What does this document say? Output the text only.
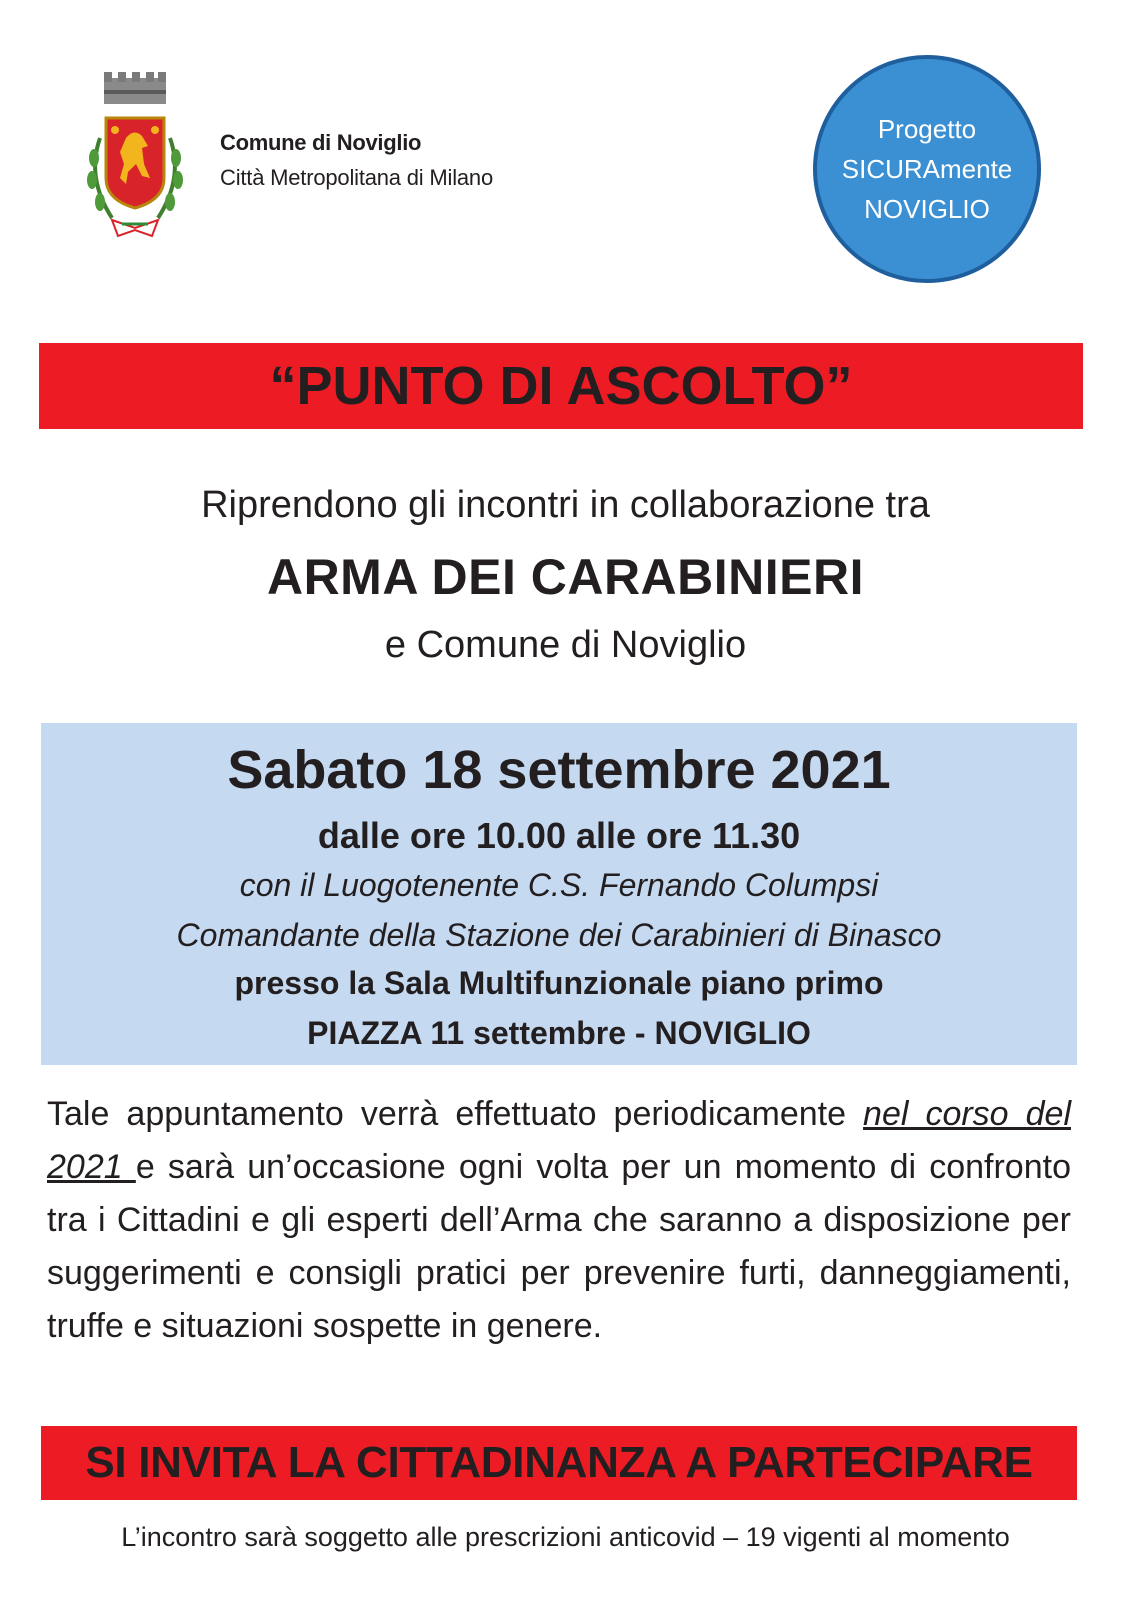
Comune di Noviglio
Città Metropolitana di Milano
Progetto
SICURAmente
NOVIGLIO
“PUNTO DI ASCOLTO”
Riprendono gli incontri in collaborazione tra
ARMA DEI CARABINIERI
e Comune di Noviglio
Sabato 18 settembre 2021
dalle ore 10.00 alle ore 11.30
con il Luogotenente C.S. Fernando Columpsi
Comandante della Stazione dei Carabinieri di Binasco
presso la Sala Multifunzionale piano primo
PIAZZA 11 settembre - NOVIGLIO
Tale appuntamento verrà effettuato periodicamente nel corso del 2021 e sarà un’occasione ogni volta per un momento di confronto tra i Cittadini e gli esperti dell’Arma che saranno a disposizione per suggerimenti e consigli pratici per prevenire furti, danneggiamenti, truffe e situazioni sospette in genere.
SI INVITA LA CITTADINANZA A PARTECIPARE
L’incontro sarà soggetto alle prescrizioni anticovid – 19 vigenti al momento
